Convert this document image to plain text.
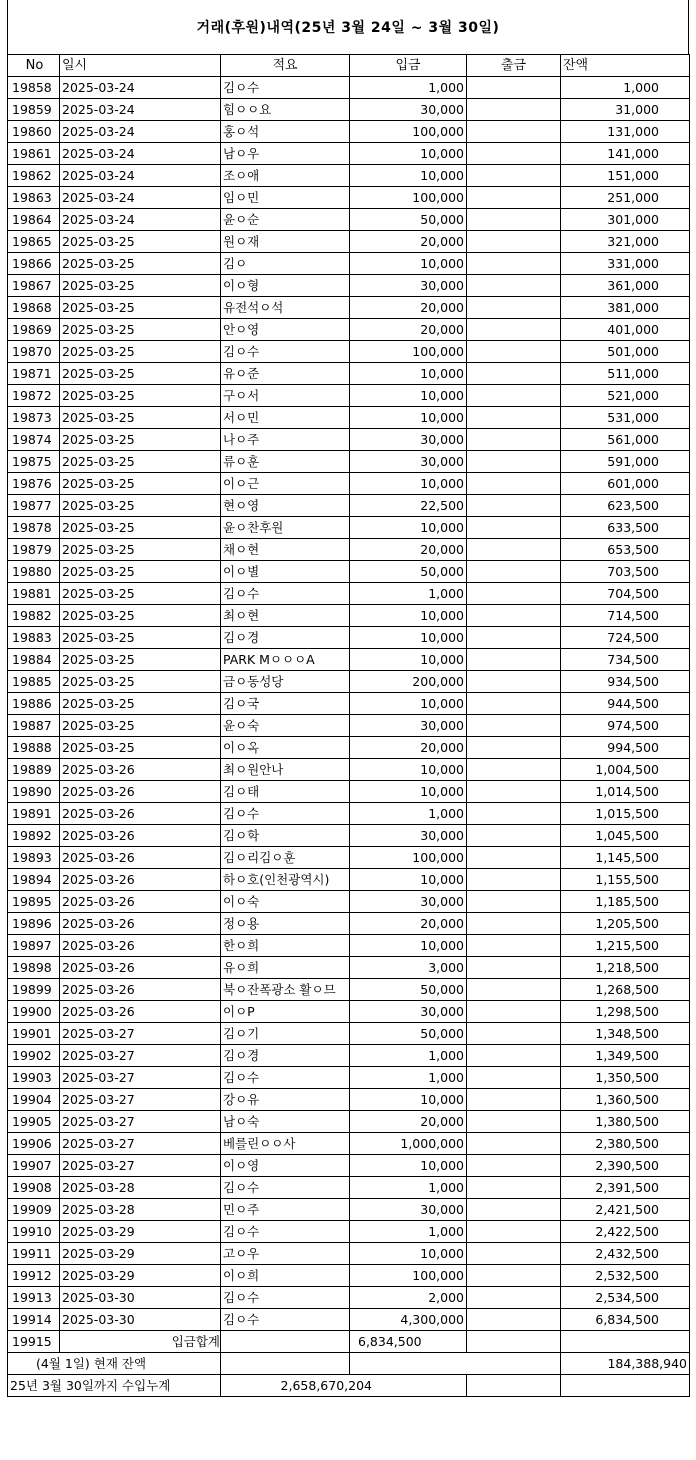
거래(후원)내역(25년 3월 24일 ~ 3월 30일)
No	일시	적요	입금	출금	잔액
19858	2025-03-24	김ㅇ수	1,000		1,000
19859	2025-03-24	힘ㅇㅇ요	30,000		31,000
19860	2025-03-24	홍ㅇ석	100,000		131,000
19861	2025-03-24	남ㅇ우	10,000		141,000
19862	2025-03-24	조ㅇ애	10,000		151,000
19863	2025-03-24	임ㅇ민	100,000		251,000
19864	2025-03-24	윤ㅇ순	50,000		301,000
19865	2025-03-25	원ㅇ재	20,000		321,000
19866	2025-03-25	김ㅇ	10,000		331,000
19867	2025-03-25	이ㅇ형	30,000		361,000
19868	2025-03-25	유전석ㅇ석	20,000		381,000
19869	2025-03-25	안ㅇ영	20,000		401,000
19870	2025-03-25	김ㅇ수	100,000		501,000
19871	2025-03-25	유ㅇ준	10,000		511,000
19872	2025-03-25	구ㅇ서	10,000		521,000
19873	2025-03-25	서ㅇ민	10,000		531,000
19874	2025-03-25	나ㅇ주	30,000		561,000
19875	2025-03-25	류ㅇ훈	30,000		591,000
19876	2025-03-25	이ㅇ근	10,000		601,000
19877	2025-03-25	현ㅇ영	22,500		623,500
19878	2025-03-25	윤ㅇ찬후원	10,000		633,500
19879	2025-03-25	채ㅇ현	20,000		653,500
19880	2025-03-25	이ㅇ별	50,000		703,500
19881	2025-03-25	김ㅇ수	1,000		704,500
19882	2025-03-25	최ㅇ현	10,000		714,500
19883	2025-03-25	김ㅇ경	10,000		724,500
19884	2025-03-25	PARK MㅇㅇㅇA	10,000		734,500
19885	2025-03-25	금ㅇ동성당	200,000		934,500
19886	2025-03-25	김ㅇ국	10,000		944,500
19887	2025-03-25	윤ㅇ숙	30,000		974,500
19888	2025-03-25	이ㅇ옥	20,000		994,500
19889	2025-03-26	최ㅇ원안나	10,000		1,004,500
19890	2025-03-26	김ㅇ태	10,000		1,014,500
19891	2025-03-26	김ㅇ수	1,000		1,015,500
19892	2025-03-26	김ㅇ학	30,000		1,045,500
19893	2025-03-26	김ㅇ리김ㅇ훈	100,000		1,145,500
19894	2025-03-26	하ㅇ호(인천광역시)	10,000		1,155,500
19895	2025-03-26	이ㅇ숙	30,000		1,185,500
19896	2025-03-26	정ㅇ용	20,000		1,205,500
19897	2025-03-26	한ㅇ희	10,000		1,215,500
19898	2025-03-26	유ㅇ희	3,000		1,218,500
19899	2025-03-26	북ㅇ잔폭광소 활ㅇ므	50,000		1,268,500
19900	2025-03-26	이ㅇP	30,000		1,298,500
19901	2025-03-27	김ㅇ기	50,000		1,348,500
19902	2025-03-27	김ㅇ경	1,000		1,349,500
19903	2025-03-27	김ㅇ수	1,000		1,350,500
19904	2025-03-27	강ㅇ유	10,000		1,360,500
19905	2025-03-27	남ㅇ숙	20,000		1,380,500
19906	2025-03-27	베를린ㅇㅇ사	1,000,000		2,380,500
19907	2025-03-27	이ㅇ영	10,000		2,390,500
19908	2025-03-28	김ㅇ수	1,000		2,391,500
19909	2025-03-28	민ㅇ주	30,000		2,421,500
19910	2025-03-29	김ㅇ수	1,000		2,422,500
19911	2025-03-29	고ㅇ우	10,000		2,432,500
19912	2025-03-29	이ㅇ희	100,000		2,532,500
19913	2025-03-30	김ㅇ수	2,000		2,534,500
19914	2025-03-30	김ㅇ수	4,300,000		6,834,500
19915	입금합계		6,834,500		
(4월 1일) 현재 잔액					184,388,940
25년 3월 30일까지 수입누계		2,658,670,204			
